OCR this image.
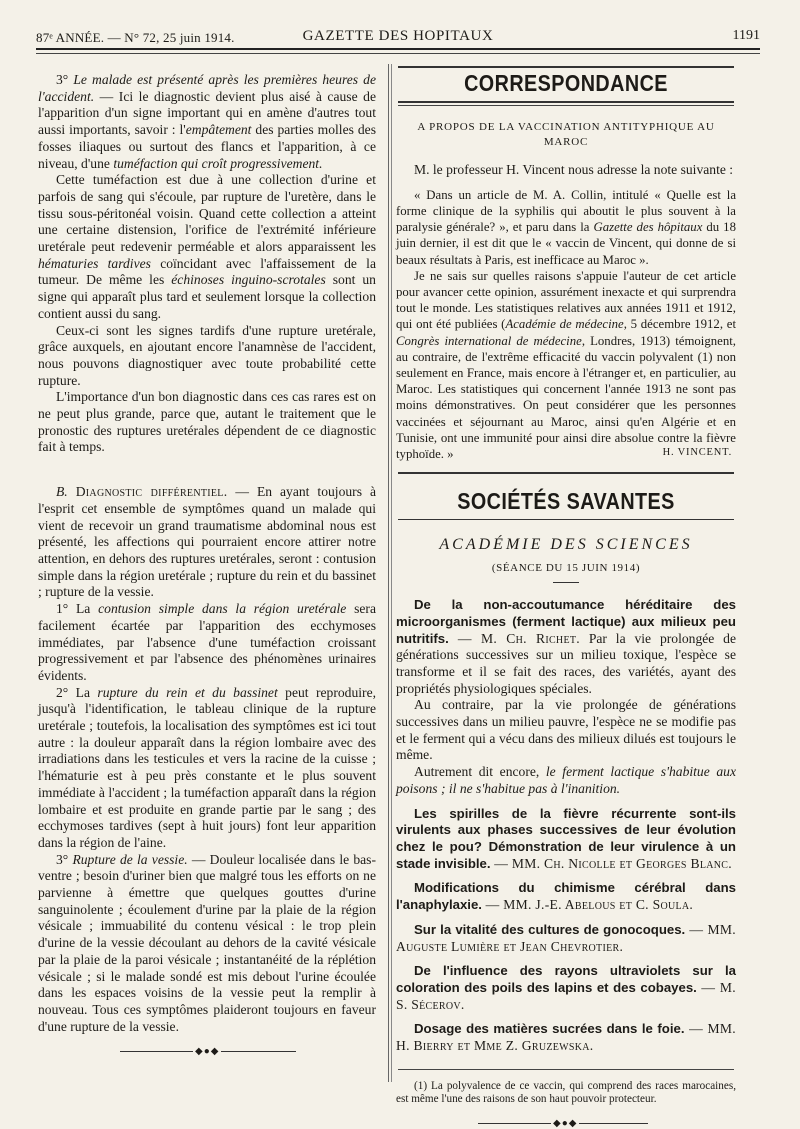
87ᵉ ANNÉE. — N° 72, 25 juin 1914.	GAZETTE DES HOPITAUX	1191

3° Le malade est présenté après les premières heures de l'accident. — Ici le diagnostic devient plus aisé à cause de l'apparition d'un signe important qui en amène d'autres tout aussi importants, savoir : l'empâtement des parties molles des fosses iliaques ou surtout des flancs et l'apparition, à ce niveau, d'une tuméfaction qui croît progressivement.

Cette tuméfaction est due à une collection d'urine et parfois de sang qui s'écoule, par rupture de l'uretère, dans le tissu sous-péritonéal voisin. Quand cette collection a atteint une certaine distension, l'orifice de l'extrémité inférieure uretérale peut redevenir perméable et alors apparaissent les hématuries tardives coïncidant avec l'affaissement de la tumeur. De même les échinoses inguino-scrotales sont un signe qui apparaît plus tard et seulement lorsque la collection contient aussi du sang.

Ceux-ci sont les signes tardifs d'une rupture uretérale, grâce auxquels, en ajoutant encore l'anamnèse de l'accident, nous pouvons diagnostiquer avec toute probabilité cette rupture.

L'importance d'un bon diagnostic dans ces cas rares est on ne peut plus grande, parce que, autant le traitement que le pronostic des ruptures uretérales dépendent de ce diagnostic fait à temps.

B. Diagnostic différentiel. — En ayant toujours à l'esprit cet ensemble de symptômes quand un malade qui vient de recevoir un grand traumatisme abdominal nous est présenté, les affections qui pourraient encore attirer notre attention, en dehors des ruptures uretérales, seront : contusion simple dans la région uretérale ; rupture du rein et du bassinet ; rupture de la vessie.

1° La contusion simple dans la région uretérale sera facilement écartée par l'apparition des ecchymoses immédiates, par l'absence d'une tuméfaction croissant progressivement et par l'absence des phénomènes urinaires évidents.

2° La rupture du rein et du bassinet peut reproduire, jusqu'à l'identification, le tableau clinique de la rupture uretérale ; toutefois, la localisation des symptômes est ici tout autre : la douleur apparaît dans la région lombaire avec des irradiations dans les testicules et vers la racine de la cuisse ; l'hématurie est à peu près constante et le plus souvent immédiate à l'accident ; la tuméfaction apparaît dans la région lombaire et est produite en grande partie par le sang ; des ecchymoses tardives (sept à huit jours) font leur apparition dans la région de l'aine.

3° Rupture de la vessie. — Douleur localisée dans le bas-ventre ; besoin d'uriner bien que malgré tous les efforts on ne parvienne à émettre que quelques gouttes d'urine sanguinolente ; écoulement d'urine par la plaie de la région vésicale ; immuabilité du contenu vésical : le trop plein d'urine de la vessie découlant au dehors de la cavité vésicale par la plaie de la paroi vésicale ; instantanéité de la réplétion vésicale ; si le malade sondé est mis debout l'urine écoulée dans les espaces voisins de la vessie peut la remplir à nouveau. Tous ces symptômes plaideront toujours en faveur d'une rupture de la vessie.

◆●◆
CORRESPONDANCE
A PROPOS DE LA VACCINATION ANTITYPHIQUE AU MAROC

M. le professeur H. Vincent nous adresse la note suivante :

« Dans un article de M. A. Collin, intitulé « Quelle est la forme clinique de la syphilis qui aboutit le plus souvent à la paralysie générale? », et paru dans la Gazette des hôpitaux du 18 juin dernier, il est dit que le « vaccin de Vincent, qui donne de si beaux résultats à Paris, est inefficace au Maroc ».

Je ne sais sur quelles raisons s'appuie l'auteur de cet article pour avancer cette opinion, assurément inexacte et qui surprendra tout le monde. Les statistiques relatives aux années 1911 et 1912, qui ont été publiées (Académie de médecine, 5 décembre 1912, et Congrès international de médecine, Londres, 1913) témoignent, au contraire, de l'extrême efficacité du vaccin polyvalent (1) non seulement en France, mais encore à l'étranger et, en particulier, au Maroc. Les statistiques qui concernent l'année 1913 ne sont pas moins démonstratives. On peut considérer que les personnes vaccinées et séjournant au Maroc, ainsi qu'en Algérie et en Tunisie, ont une immunité pour ainsi dire absolue contre la fièvre typhoïde. »	H. VINCENT.
SOCIÉTÉS SAVANTES
ACADÉMIE DES SCIENCES
(SÉANCE DU 15 JUIN 1914)

De la non-accoutumance héréditaire des microorganismes (ferment lactique) aux milieux peu nutritifs. — M. Ch. Richet. Par la vie prolongée de générations successives sur un milieu toxique, l'espèce se transforme et il se fait des races, des variétés, ayant des propriétés physiologiques spéciales.

Au contraire, par la vie prolongée de générations successives dans un milieu pauvre, l'espèce ne se modifie pas et le ferment qui a vécu dans des milieux dilués est toujours le même.

Autrement dit encore, le ferment lactique s'habitue aux poisons ; il ne s'habitue pas à l'inanition.

Les spirilles de la fièvre récurrente sont-ils virulents aux phases successives de leur évolution chez le pou? Démonstration de leur virulence à un stade invisible. — MM. Ch. Nicolle et Georges Blanc.

Modifications du chimisme cérébral dans l'anaphylaxie. — MM. J.-E. Abelous et C. Soula.

Sur la vitalité des cultures de gonocoques. — MM. Auguste Lumière et Jean Chevrotier.

De l'influence des rayons ultraviolets sur la coloration des poils des lapins et des cobayes. — M. S. Sécerov.

Dosage des matières sucrées dans le foie. — MM. H. Bierry et Mme Z. Gruzewska.

(1) La polyvalence de ce vaccin, qui comprend des races marocaines, est même l'une des raisons de son haut pouvoir protecteur.

◆●◆
